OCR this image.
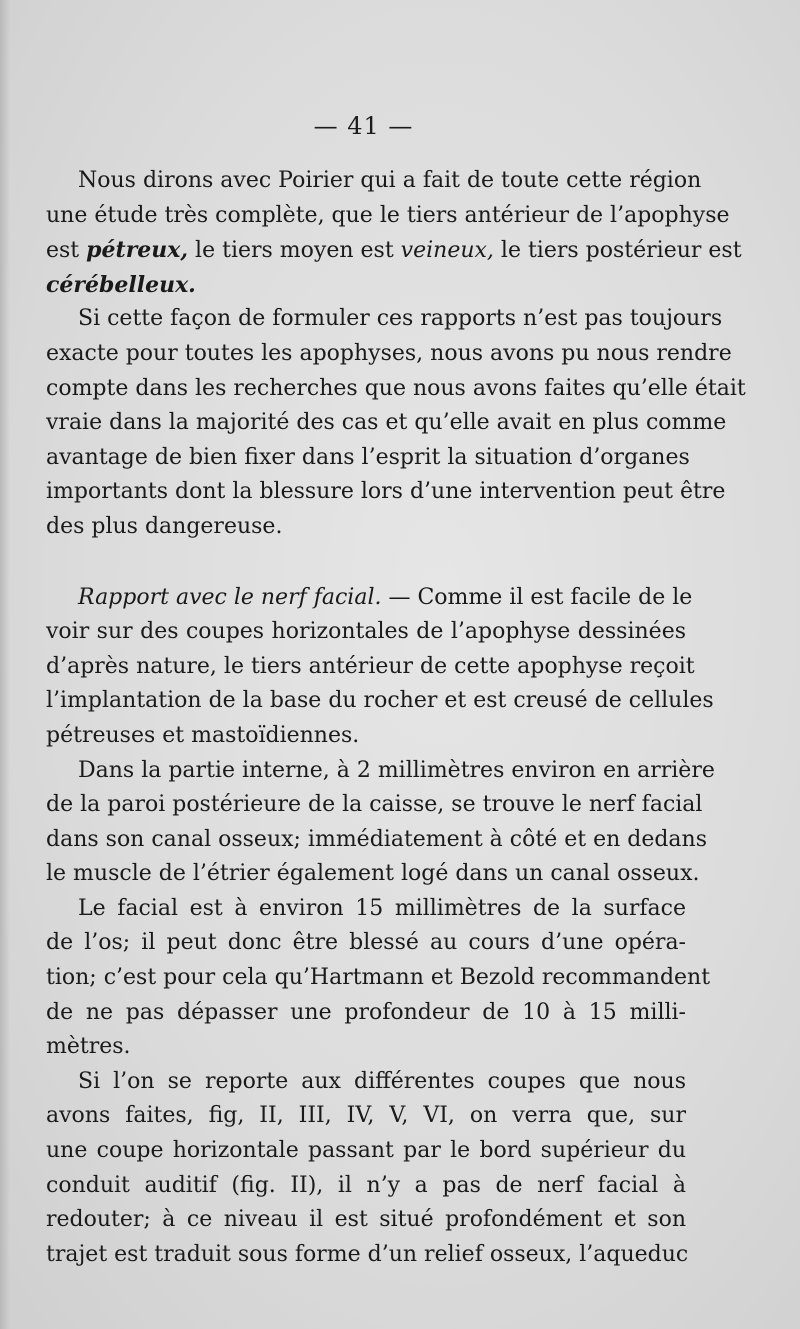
— 41 —
Nous dirons avec Poirier qui a fait de toute cette région
une étude très complète, que le tiers antérieur de l’apophyse
est pétreux, le tiers moyen est veineux, le tiers postérieur est
cérébelleux.
Si cette façon de formuler ces rapports n’est pas toujours
exacte pour toutes les apophyses, nous avons pu nous rendre
compte dans les recherches que nous avons faites qu’elle était
vraie dans la majorité des cas et qu’elle avait en plus comme
avantage de bien fixer dans l’esprit la situation d’organes
importants dont la blessure lors d’une intervention peut être
des plus dangereuse.
Rapport avec le nerf facial. — Comme il est facile de le
voir sur des coupes horizontales de l’apophyse dessinées
d’après nature, le tiers antérieur de cette apophyse reçoit
l’implantation de la base du rocher et est creusé de cellules
pétreuses et mastoïdiennes.
Dans la partie interne, à 2 millimètres environ en arrière
de la paroi postérieure de la caisse, se trouve le nerf facial
dans son canal osseux; immédiatement à côté et en dedans
le muscle de l’étrier également logé dans un canal osseux.
Le facial est à environ 15 millimètres de la surface
de l’os; il peut donc être blessé au cours d’une opéra-
tion; c’est pour cela qu’Hartmann et Bezold recommandent
de ne pas dépasser une profondeur de 10 à 15 milli-
mètres.
Si l’on se reporte aux différentes coupes que nous
avons faites, fig, II, III, IV, V, VI, on verra que, sur
une coupe horizontale passant par le bord supérieur du
conduit auditif (fig. II), il n’y a pas de nerf facial à
redouter; à ce niveau il est situé profondément et son
trajet est traduit sous forme d’un relief osseux, l’aqueduc
